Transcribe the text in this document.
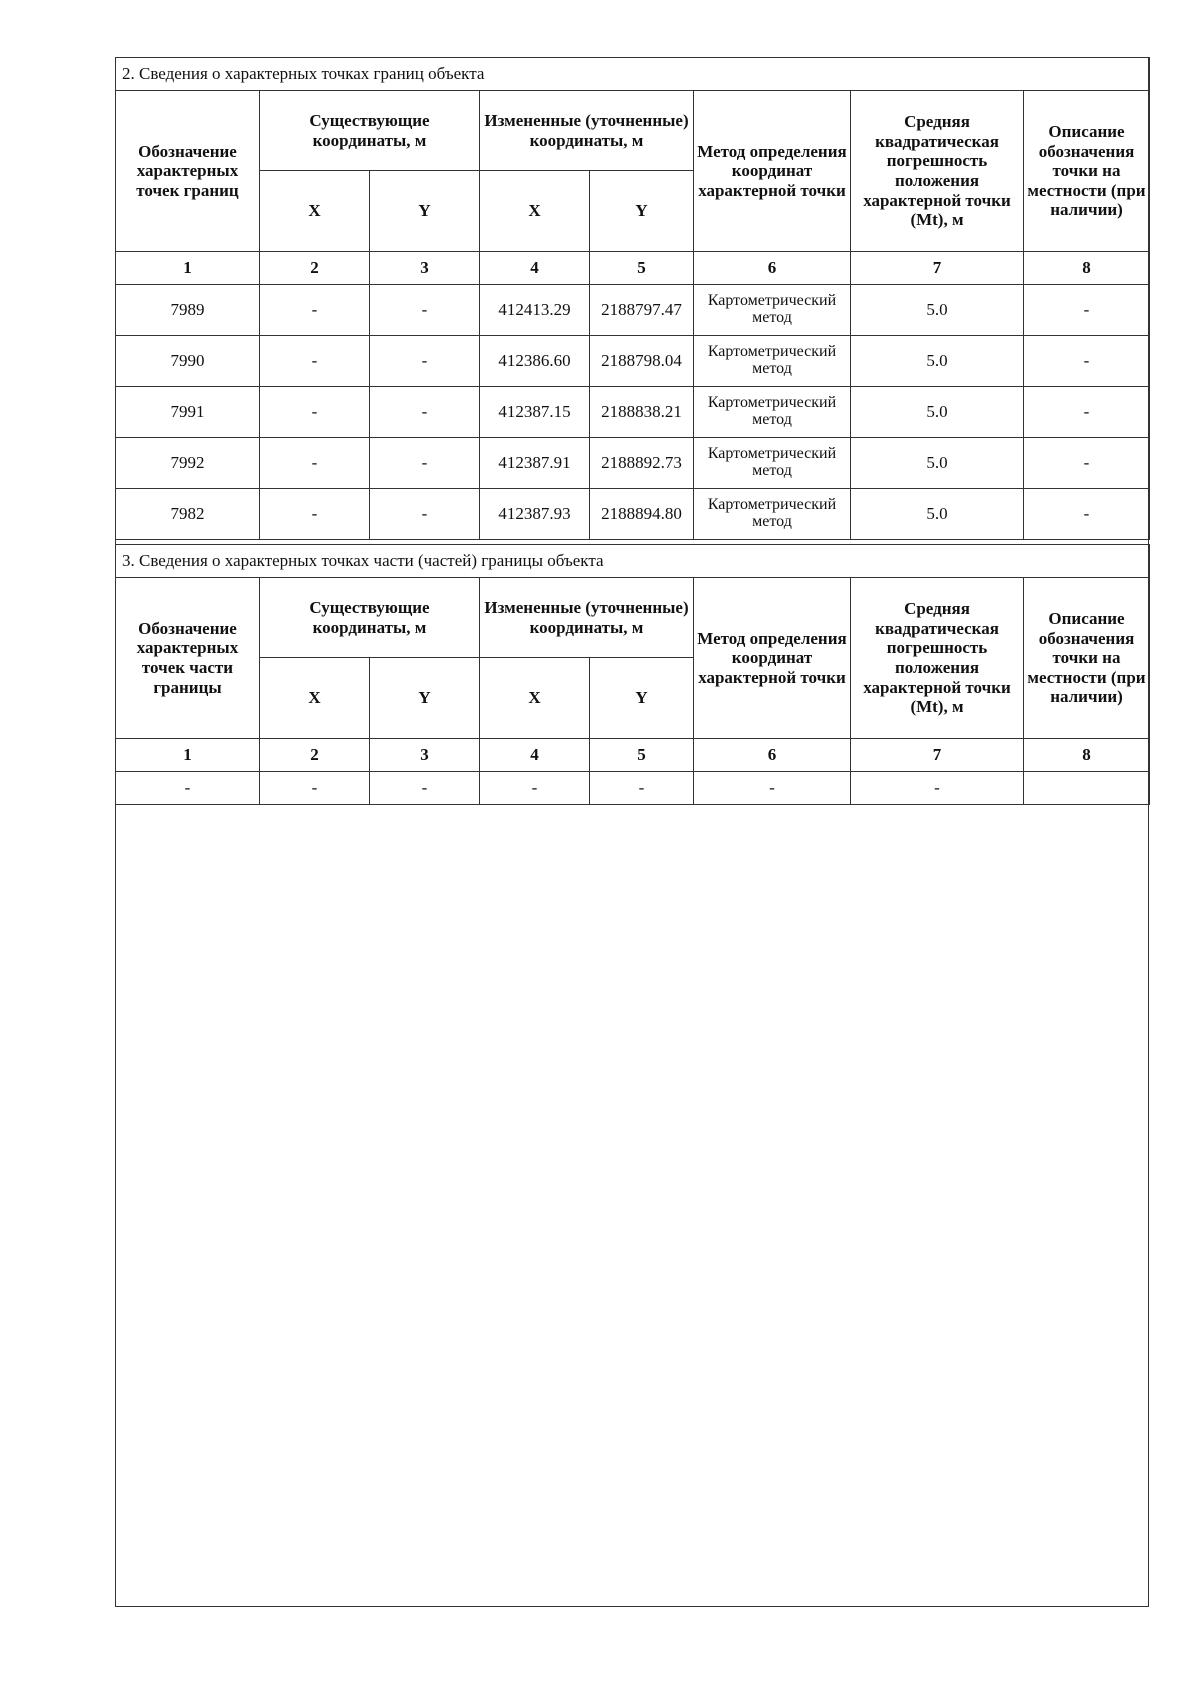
2. Сведения о характерных точках границ объекта							
Обозначение характерных точек границ	Существующие координаты, м		Измененные (уточненные) координаты, м		Метод определения координат характерной точки	Средняя квадратическая погрешность положения характерной точки (Mt), м	Описание обозначения точки на местности (при наличии)
	X	Y	X	Y			
1	2	3	4	5	6	7	8
7989	-	-	412413.29	2188797.47	Картометрический метод	5.0	-
7990	-	-	412386.60	2188798.04	Картометрический метод	5.0	-
7991	-	-	412387.15	2188838.21	Картометрический метод	5.0	-
7992	-	-	412387.91	2188892.73	Картометрический метод	5.0	-
7982	-	-	412387.93	2188894.80	Картометрический метод	5.0	-
3. Сведения о характерных точках части (частей) границы объекта							
Обозначение характерных точек части границы	Существующие координаты, м		Измененные (уточненные) координаты, м		Метод определения координат характерной точки	Средняя квадратическая погрешность положения характерной точки (Mt), м	Описание обозначения точки на местности (при наличии)
	X	Y	X	Y			
1	2	3	4	5	6	7	8
-	-	-	-	-	-	-	
